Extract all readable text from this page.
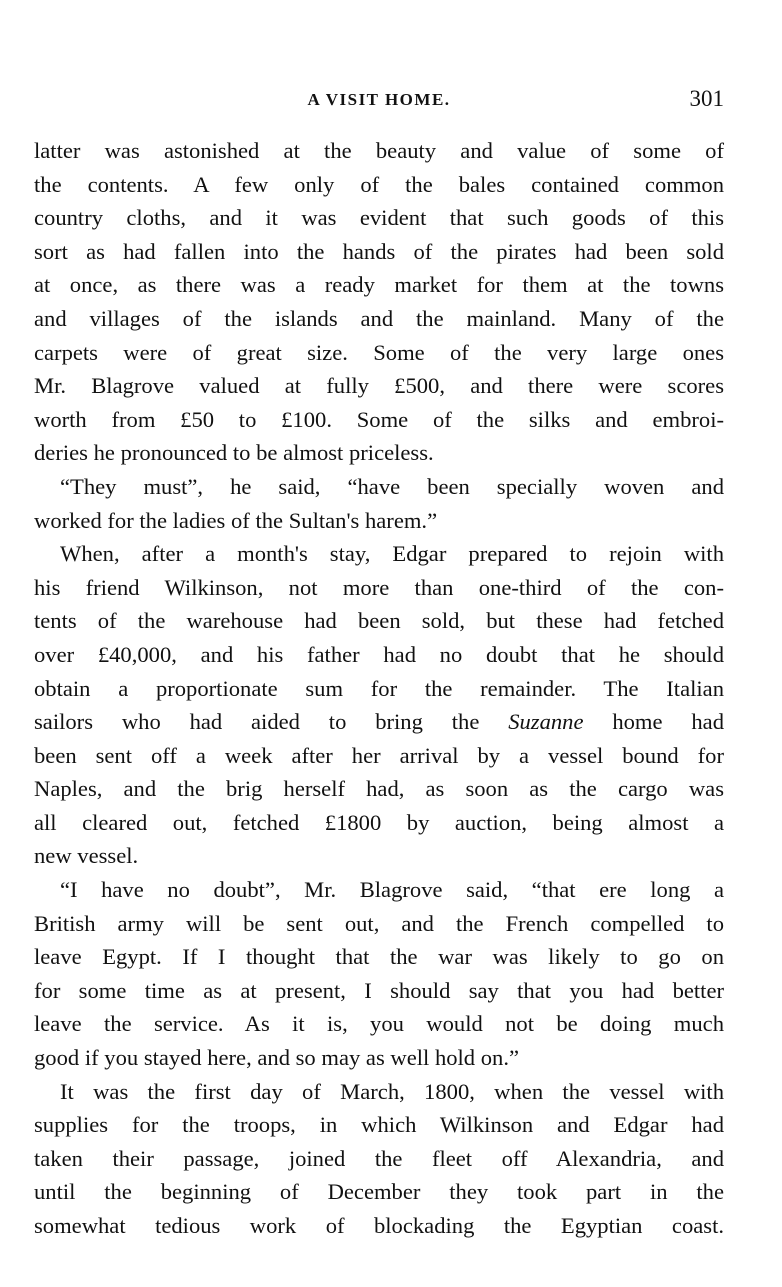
A VISIT HOME.	301

latter was astonished at the beauty and value of some of
the contents. A few only of the bales contained common
country cloths, and it was evident that such goods of this
sort as had fallen into the hands of the pirates had been sold
at once, as there was a ready market for them at the towns
and villages of the islands and the mainland. Many of the
carpets were of great size. Some of the very large ones
Mr. Blagrove valued at fully £500, and there were scores
worth from £50 to £100. Some of the silks and embroi-
deries he pronounced to be almost priceless.

“They must”, he said, “have been specially woven and
worked for the ladies of the Sultan's harem.”

When, after a month's stay, Edgar prepared to rejoin with
his friend Wilkinson, not more than one-third of the con-
tents of the warehouse had been sold, but these had fetched
over £40,000, and his father had no doubt that he should
obtain a proportionate sum for the remainder. The Italian
sailors who had aided to bring the Suzanne home had
been sent off a week after her arrival by a vessel bound for
Naples, and the brig herself had, as soon as the cargo was
all cleared out, fetched £1800 by auction, being almost a
new vessel.

“I have no doubt”, Mr. Blagrove said, “that ere long a
British army will be sent out, and the French compelled to
leave Egypt. If I thought that the war was likely to go on
for some time as at present, I should say that you had better
leave the service. As it is, you would not be doing much
good if you stayed here, and so may as well hold on.”

It was the first day of March, 1800, when the vessel with
supplies for the troops, in which Wilkinson and Edgar had
taken their passage, joined the fleet off Alexandria, and
until the beginning of December they took part in the
somewhat tedious work of blockading the Egyptian coast.
